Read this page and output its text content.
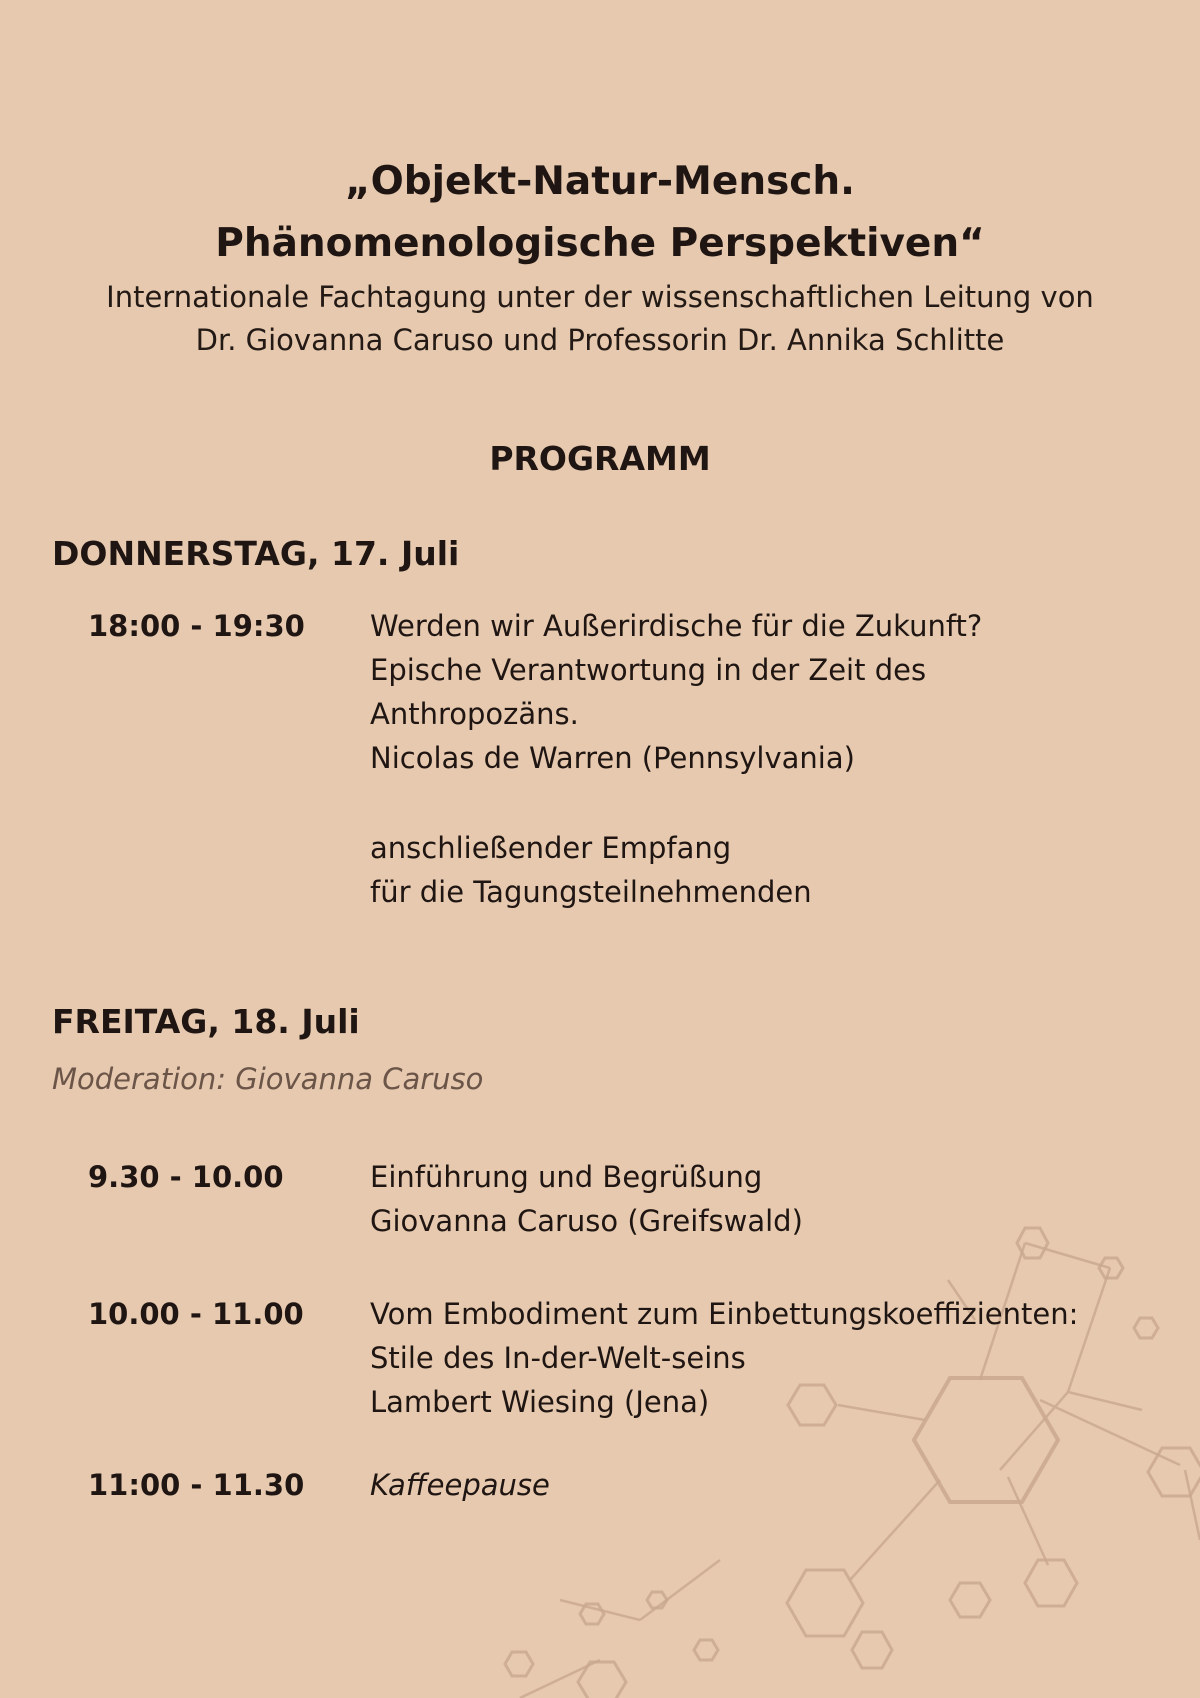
„Objekt-Natur-Mensch.
Phänomenologische Perspektiven“
Internationale Fachtagung unter der wissenschaftlichen Leitung von
Dr. Giovanna Caruso und Professorin Dr. Annika Schlitte
PROGRAMM
DONNERSTAG, 17. Juli
18:00 - 19:30 Werden wir Außerirdische für die Zukunft?
Epische Verantwortung in der Zeit des
Anthropozäns.
Nicolas de Warren (Pennsylvania)
anschließender Empfang
für die Tagungsteilnehmenden
FREITAG, 18. Juli
Moderation: Giovanna Caruso
9.30 - 10.00	Einführung und Begrüßung
Giovanna Caruso (Greifswald)
10.00 - 11.00 Vom Embodiment zum Einbettungskoeffizienten:
Stile des In-der-Welt-seins
Lambert Wiesing (Jena)
11:00 - 11.30 Kaffeepause
